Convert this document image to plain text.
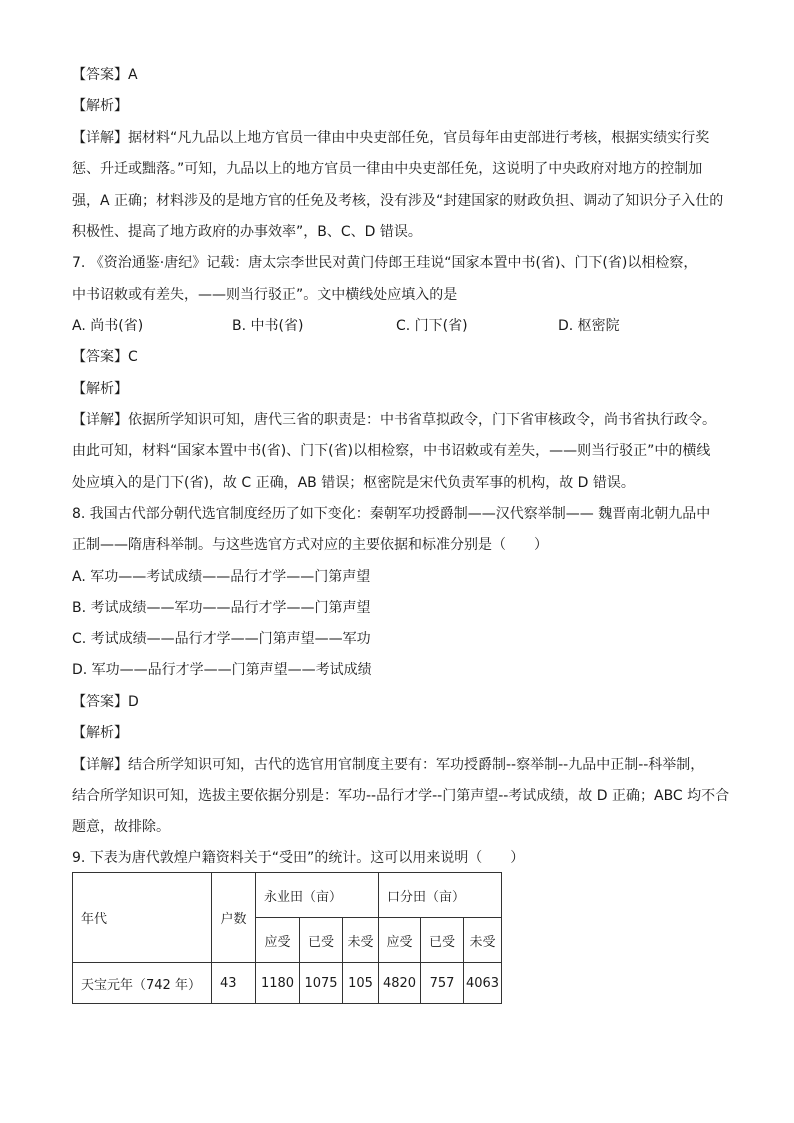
【答案】A
【解析】
【详解】据材料“凡九品以上地方官员一律由中央吏部任免，官员每年由吏部进行考核，根据实绩实行奖
惩、升迁或黜落。”可知，九品以上的地方官员一律由中央吏部任免，这说明了中央政府对地方的控制加
强，A 正确；材料涉及的是地方官的任免及考核，没有涉及“封建国家的财政负担、调动了知识分子入仕的
积极性、提高了地方政府的办事效率”，B、C、D 错误。
7. 《资治通鉴·唐纪》记载：唐太宗李世民对黄门侍郎王珪说“国家本置中书(省)、门下(省)以相检察，
中书诏敕或有差失，——则当行驳正”。文中横线处应填入的是
A. 尚书(省)	B. 中书(省)	C. 门下(省)	D. 枢密院
【答案】C
【解析】
【详解】依据所学知识可知，唐代三省的职责是：中书省草拟政令，门下省审核政令，尚书省执行政令。
由此可知，材料“国家本置中书(省)、门下(省)以相检察，中书诏敕或有差失，——则当行驳正”中的横线
处应填入的是门下(省)，故 C 正确，AB 错误；枢密院是宋代负责军事的机构，故 D 错误。
8. 我国古代部分朝代选官制度经历了如下变化：秦朝军功授爵制——汉代察举制—— 魏晋南北朝九品中
正制——隋唐科举制。与这些选官方式对应的主要依据和标准分别是（　　）
A. 军功——考试成绩——品行才学——门第声望
B. 考试成绩——军功——品行才学——门第声望
C. 考试成绩——品行才学——门第声望——军功
D. 军功——品行才学——门第声望——考试成绩
【答案】D
【解析】
【详解】结合所学知识可知，古代的选官用官制度主要有：军功授爵制--察举制--九品中正制--科举制，
结合所学知识可知，选拔主要依据分别是：军功--品行才学--门第声望--考试成绩，故 D 正确；ABC 均不合
题意，故排除。
9. 下表为唐代敦煌户籍资料关于“受田”的统计。这可以用来说明（　　）
年代	户数	永业田（亩）			口分田（亩）		
		应受	已受	未受	应受	已受	未受
天宝元年（742 年）	43	1180	1075	105	4820	757	4063
